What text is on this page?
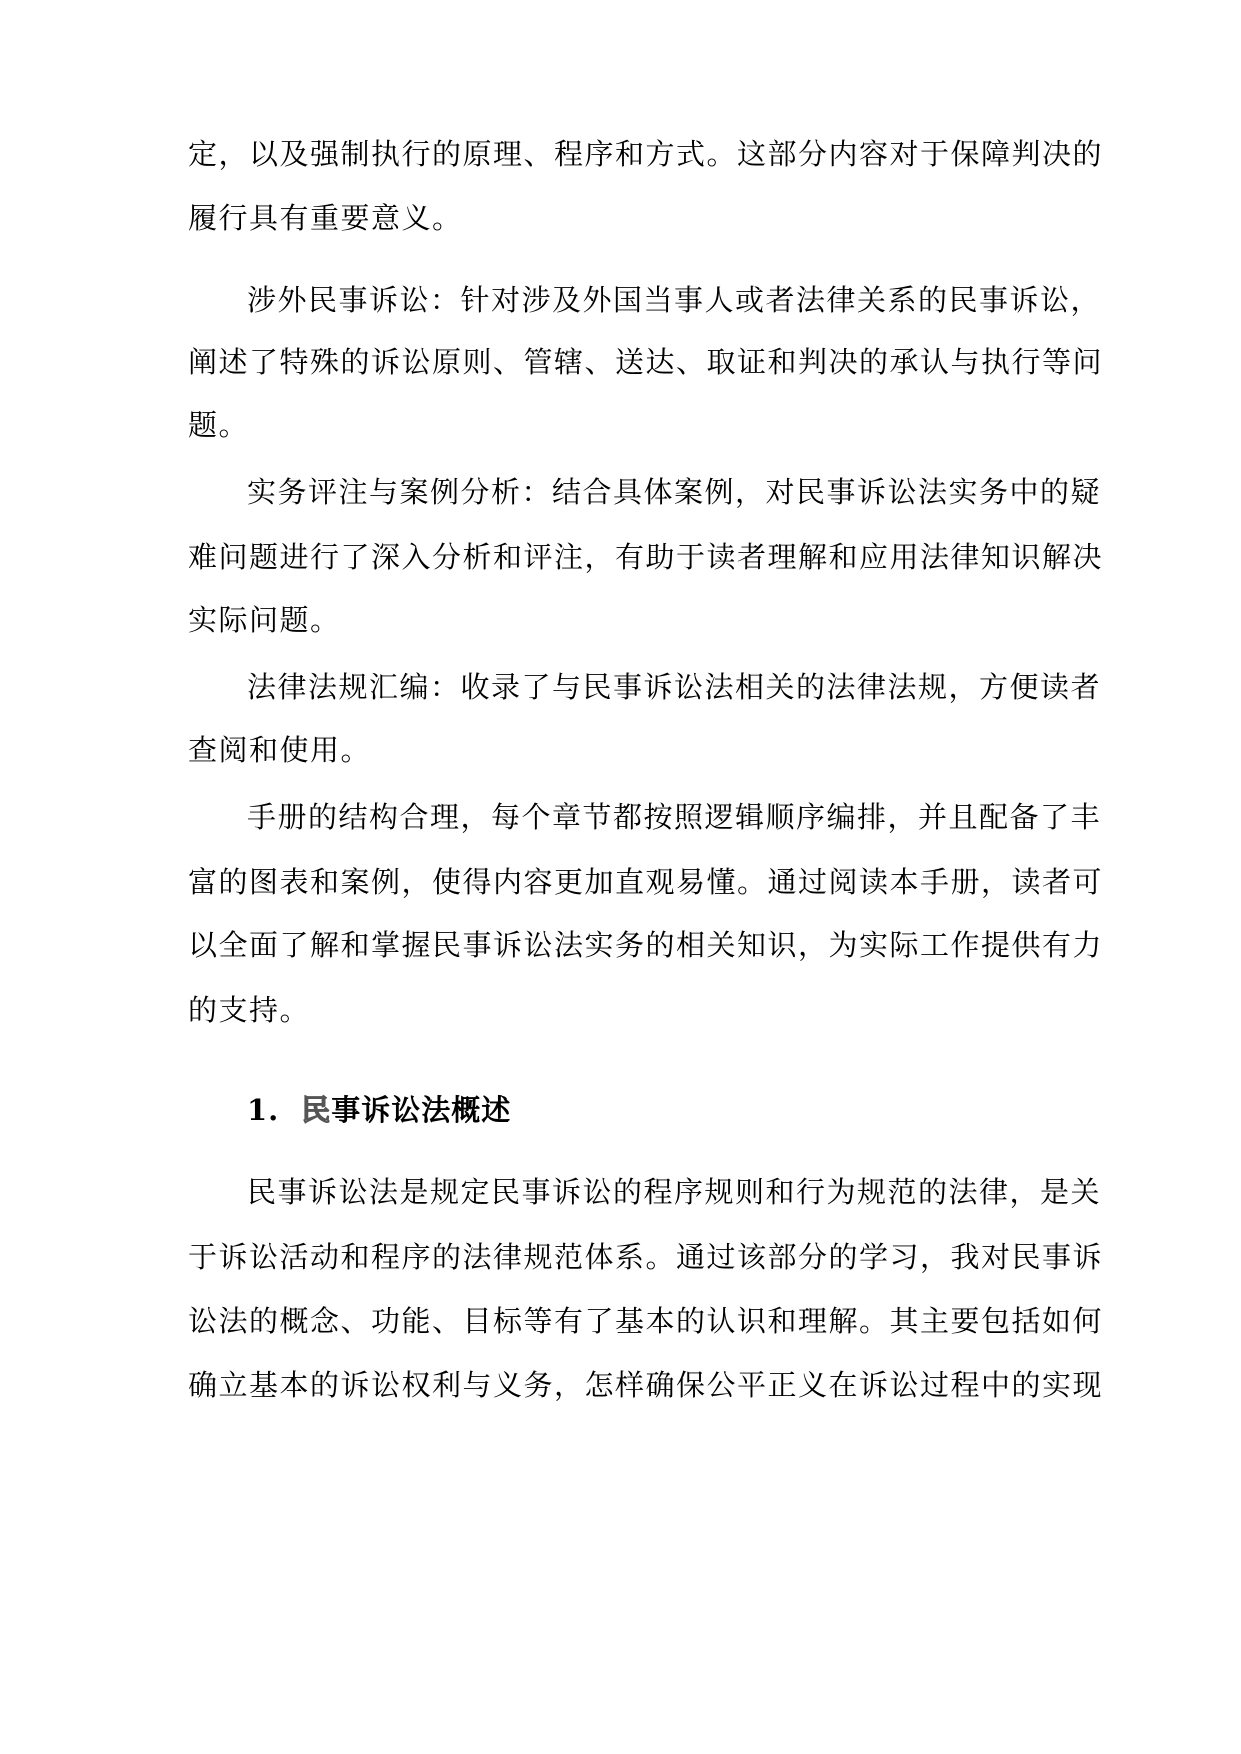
定，以及强制执行的原理、程序和方式。这部分内容对于保障判决的
履行具有重要意义。
涉外民事诉讼：针对涉及外国当事人或者法律关系的民事诉讼，
阐述了特殊的诉讼原则、管辖、送达、取证和判决的承认与执行等问
题。
实务评注与案例分析：结合具体案例，对民事诉讼法实务中的疑
难问题进行了深入分析和评注，有助于读者理解和应用法律知识解决
实际问题。
法律法规汇编：收录了与民事诉讼法相关的法律法规，方便读者
查阅和使用。
手册的结构合理，每个章节都按照逻辑顺序编排，并且配备了丰
富的图表和案例，使得内容更加直观易懂。通过阅读本手册，读者可
以全面了解和掌握民事诉讼法实务的相关知识，为实际工作提供有力
的支持。
1. 民事诉讼法概述
民事诉讼法是规定民事诉讼的程序规则和行为规范的法律，是关
于诉讼活动和程序的法律规范体系。通过该部分的学习，我对民事诉
讼法的概念、功能、目标等有了基本的认识和理解。其主要包括如何
确立基本的诉讼权利与义务，怎样确保公平正义在诉讼过程中的实现
